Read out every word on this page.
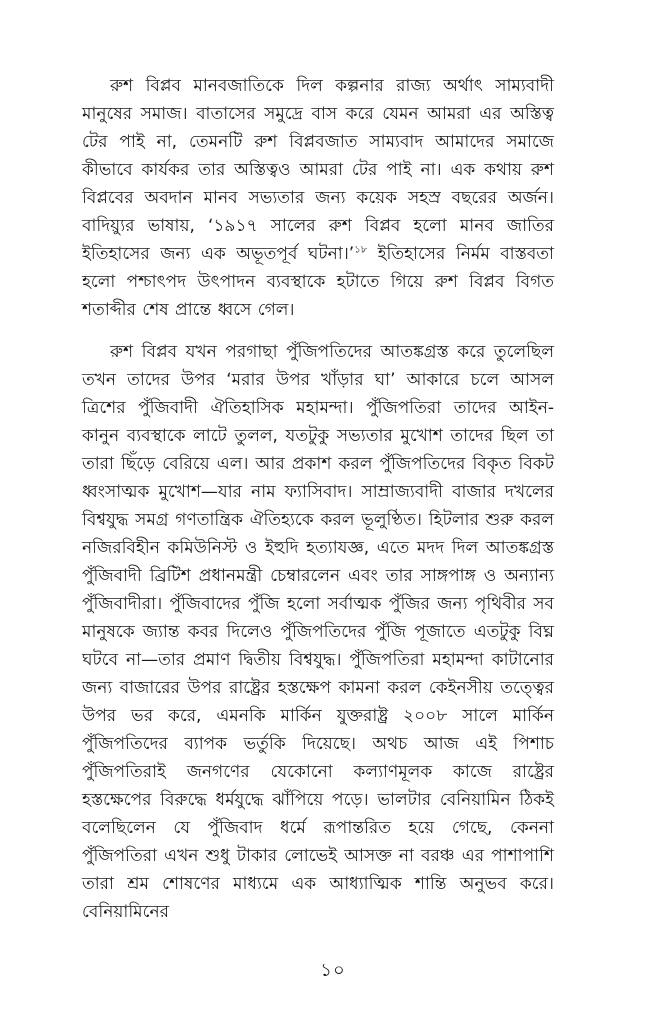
রুশ বিপ্লব মানবজাতিকে দিল কল্পনার রাজ্য অর্থাৎ সাম্যবাদী মানুষের সমাজ। বাতাসের সমুদ্রে বাস করে যেমন আমরা এর অস্তিত্ব টের পাই না, তেমনটি রুশ বিপ্লবজাত সাম্যবাদ আমাদের সমাজে কীভাবে কার্যকর তার অস্তিত্বও আমরা টের পাই না। এক কথায় রুশ বিপ্লবের অবদান মানব সভ্যতার জন্য কয়েক সহস্র বছরের অর্জন। বাদিয়্যুর ভাষায়, ‘১৯১৭ সালের রুশ বিপ্লব হলো মানব জাতির ইতিহাসের জন্য এক অভূতপূর্ব ঘটনা।’$^{১৮}$ ইতিহাসের নির্মম বাস্তবতা হলো পশ্চাৎপদ উৎপাদন ব্যবস্থাকে হটাতে গিয়ে রুশ বিপ্লব বিগত শতাব্দীর শেষ প্রান্তে ধ্বসে গেল।

রুশ বিপ্লব যখন পরগাছা পুঁজিপতিদের আতঙ্কগ্রস্ত করে তুলেছিল তখন তাদের উপর ‘মরার উপর খাঁড়ার ঘা’ আকারে চলে আসল ত্রিশের পুঁজিবাদী ঐতিহাসিক মহামন্দা। পুঁজিপতিরা তাদের আইন-কানুন ব্যবস্থাকে লাটে তুলল, যতটুকু সভ্যতার মুখোশ তাদের ছিল তা তারা ছিঁড়ে বেরিয়ে এল। আর প্রকাশ করল পুঁজিপতিদের বিকৃত বিকট ধ্বংসাত্মক মুখোশ—যার নাম ফ্যাসিবাদ। সাম্রাজ্যবাদী বাজার দখলের বিশ্বযুদ্ধ সমগ্র গণতান্ত্রিক ঐতিহ্যকে করল ভূলুণ্ঠিত। হিটলার শুরু করল নজিরবিহীন কমিউনিস্ট ও ইহুদি হত্যাযজ্ঞ, এতে মদদ দিল আতঙ্কগ্রস্ত পুঁজিবাদী ব্রিটিশ প্রধানমন্ত্রী চেম্বারলেন এবং তার সাঙ্গপাঙ্গ ও অন্যান্য পুঁজিবাদীরা। পুঁজিবাদের পুঁজি হলো সর্বাত্মক পুঁজির জন্য পৃথিবীর সব মানুষকে জ্যান্ত কবর দিলেও পুঁজিপতিদের পুঁজি পূজাতে এতটুকু বিঘ্ন ঘটবে না—তার প্রমাণ দ্বিতীয় বিশ্বযুদ্ধ। পুঁজিপতিরা মহামন্দা কাটানোর জন্য বাজারের উপর রাষ্ট্রের হস্তক্ষেপ কামনা করল কেইনসীয় তত্ত্বের উপর ভর করে, এমনকি মার্কিন যুক্তরাষ্ট্র ২০০৮ সালে মার্কিন পুঁজিপতিদের ব্যাপক ভর্তুকি দিয়েছে। অথচ আজ এই পিশাচ পুঁজিপতিরাই জনগণের যেকোনো কল্যাণমূলক কাজে রাষ্ট্রের হস্তক্ষেপের বিরুদ্ধে ধর্মযুদ্ধে ঝাঁপিয়ে পড়ে। ভালটার বেনিয়ামিন ঠিকই বলেছিলেন যে পুঁজিবাদ ধর্মে রূপান্তরিত হয়ে গেছে, কেননা পুঁজিপতিরা এখন শুধু টাকার লোভেই আসক্ত না বরঞ্চ এর পাশাপাশি তারা শ্রম শোষণের মাধ্যমে এক আধ্যাত্মিক শান্তি অনুভব করে। বেনিয়ামিনের

১০
